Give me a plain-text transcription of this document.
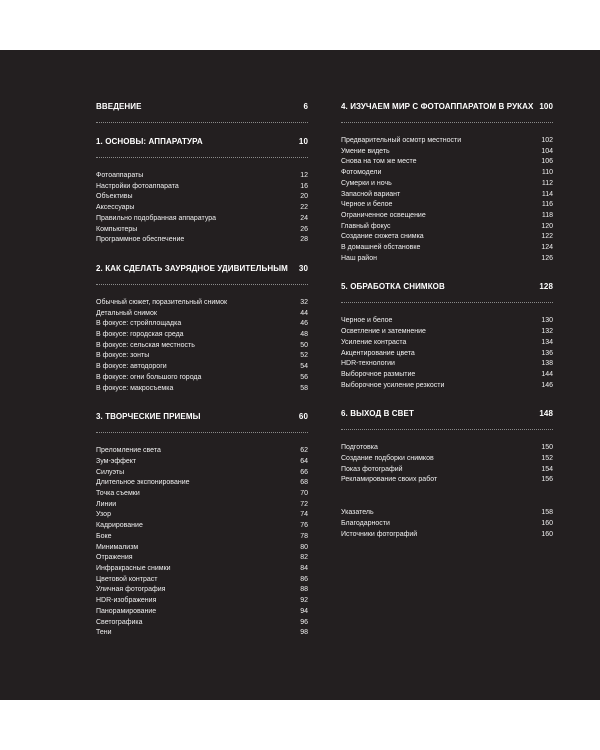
ВВЕДЕНИЕ	6
1. ОСНОВЫ: АППАРАТУРА	10
Фотоаппараты	12
Настройки фотоаппарата	16
Объективы	20
Аксессуары	22
Правильно подобранная аппаратура	24
Компьютеры	26
Программное обеспечение	28
2. КАК СДЕЛАТЬ ЗАУРЯДНОЕ УДИВИТЕЛЬНЫМ 30
Обычный сюжет, поразительный снимок	32
Детальный снимок	44
В фокусе: стройплощадка	46
В фокусе: городская среда	48
В фокусе: сельская местность	50
В фокусе: зонты	52
В фокусе: автодороги	54
В фокусе: огни большого города	56
В фокусе: макросъемка	58
3. ТВОРЧЕСКИЕ ПРИЕМЫ	60
Преломление света	62
Зум-эффект	64
Силуэты	66
Длительное экспонирование	68
Точка съемки	70
Линии	72
Узор	74
Кадрирование	76
Боке	78
Минимализм	80
Отражения	82
Инфракрасные снимки	84
Цветовой контраст	86
Уличная фотография	88
HDR-изображения	92
Панорамирование	94
Светографика	96
Тени	98
4. ИЗУЧАЕМ МИР С ФОТОАППАРАТОМ В РУКАХ 100
Предварительный осмотр местности	102
Умение видеть	104
Снова на том же месте	106
Фотомодели	110
Сумерки и ночь	112
Запасной вариант	114
Черное и белое	116
Ограниченное освещение	118
Главный фокус	120
Создание сюжета снимка	122
В домашней обстановке	124
Наш район	126
5. ОБРАБОТКА СНИМКОВ	128
Черное и белое	130
Осветление и затемнение	132
Усиление контраста	134
Акцентирование цвета	136
HDR-технологии	138
Выборочное размытие	144
Выборочное усиление резкости	146
6. ВЫХОД В СВЕТ	148
Подготовка	150
Создание подборки снимков	152
Показ фотографий	154
Рекламирование своих работ	156
Указатель	158
Благодарности	160
Источники фотографий	160
